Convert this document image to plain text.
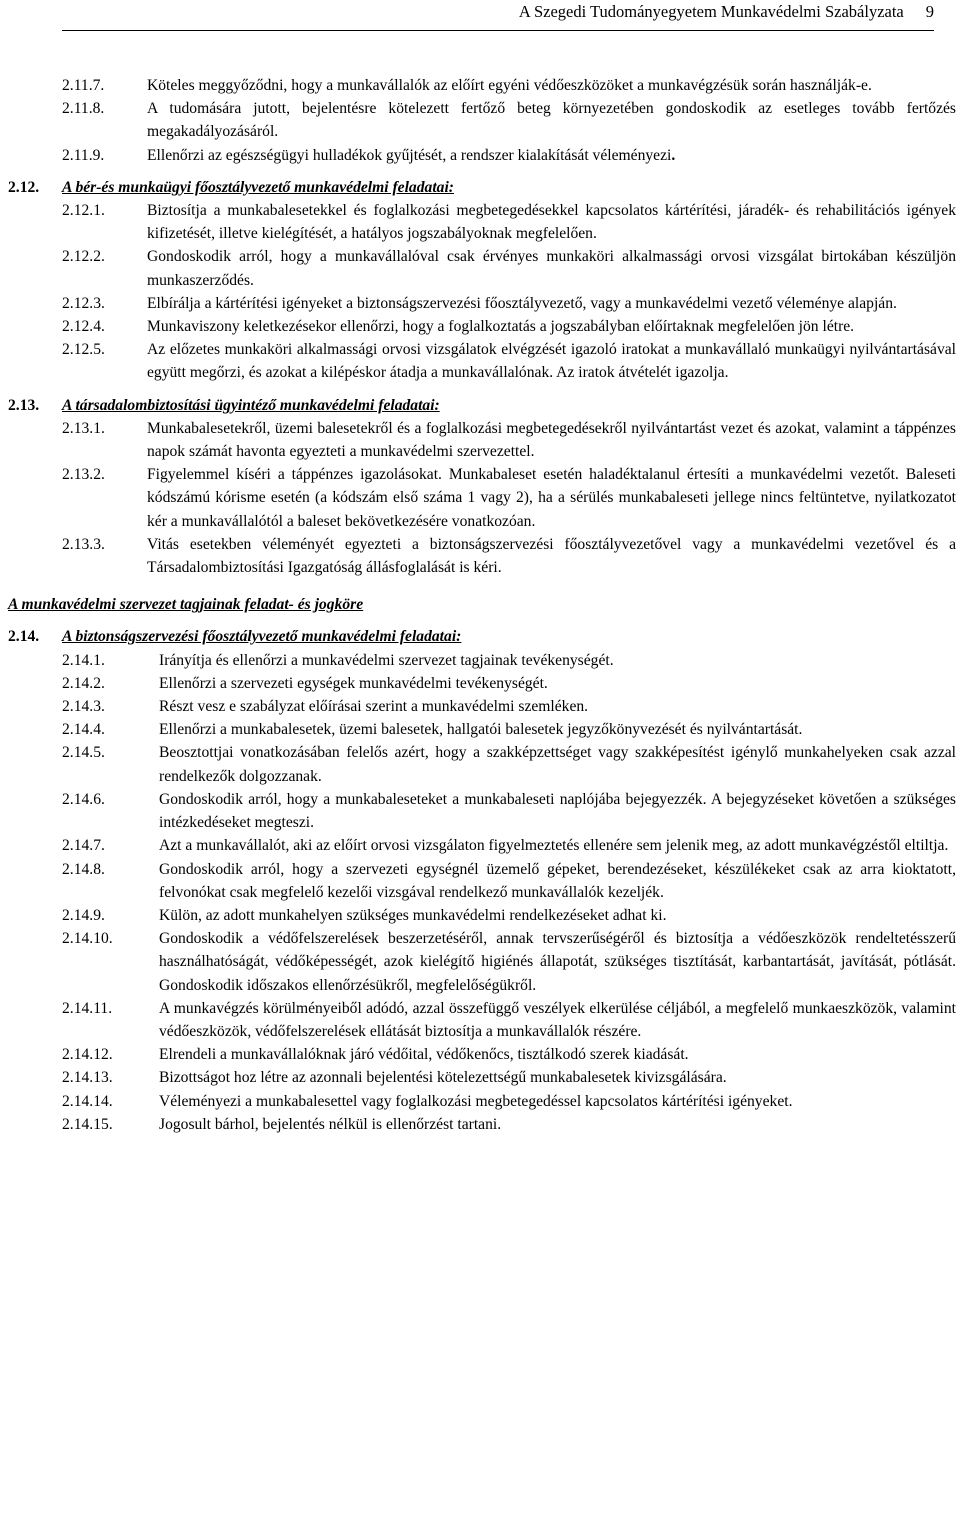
A Szegedi Tudományegyetem Munkavédelmi Szabályzata 9
2.11.7.	Köteles meggyőződni, hogy a munkavállalók az előírt egyéni védőeszközöket a munkavégzésük során használják-e.
2.11.8.	A tudomására jutott, bejelentésre kötelezett fertőző beteg környezetében gondoskodik az esetleges tovább fertőzés megakadályozásáról.
2.11.9.	Ellenőrzi az egészségügyi hulladékok gyűjtését, a rendszer kialakítását véleményezi.
2.12.	A bér-és munkaügyi főosztályvezető munkavédelmi feladatai:
2.12.1.	Biztosítja a munkabalesetekkel és foglalkozási megbetegedésekkel kapcsolatos kártérítési, járadék- és rehabilitációs igények kifizetését, illetve kielégítését, a hatályos jogszabályoknak megfelelően.
2.12.2.	Gondoskodik arról, hogy a munkavállalóval csak érvényes munkaköri alkalmassági orvosi vizsgálat birtokában készüljön munkaszerződés.
2.12.3.	Elbírálja a kártérítési igényeket a biztonságszervezési főosztályvezető, vagy a munkavédelmi vezető véleménye alapján.
2.12.4.	Munkaviszony keletkezésekor ellenőrzi, hogy a foglalkoztatás a jogszabályban előírtaknak megfelelően jön létre.
2.12.5.	Az előzetes munkaköri alkalmassági orvosi vizsgálatok elvégzését igazoló iratokat a munkavállaló munkaügyi nyilvántartásával együtt megőrzi, és azokat a kilépéskor átadja a munkavállalónak. Az iratok átvételét igazolja.
2.13.	A társadalombiztosítási ügyintéző munkavédelmi feladatai:
2.13.1.	Munkabalesetekről, üzemi balesetekről és a foglalkozási megbetegedésekről nyilvántartást vezet és azokat, valamint a táppénzes napok számát havonta egyezteti a munkavédelmi szervezettel.
2.13.2.	Figyelemmel kíséri a táppénzes igazolásokat. Munkabaleset esetén haladéktalanul értesíti a munkavédelmi vezetőt. Baleseti kódszámú kórisme esetén (a kódszám első száma 1 vagy 2), ha a sérülés munkabaleseti jellege nincs feltüntetve, nyilatkozatot kér a munkavállalótól a baleset bekövetkezésére vonatkozóan.
2.13.3.	Vitás esetekben véleményét egyezteti a biztonságszervezési főosztályvezetővel vagy a munkavédelmi vezetővel és a Társadalombiztosítási Igazgatóság állásfoglalását is kéri.
A munkavédelmi szervezet tagjainak feladat- és jogköre
2.14.	A biztonságszervezési főosztályvezető munkavédelmi feladatai:
2.14.1.	Irányítja és ellenőrzi a munkavédelmi szervezet tagjainak tevékenységét.
2.14.2.	Ellenőrzi a szervezeti egységek munkavédelmi tevékenységét.
2.14.3.	Részt vesz e szabályzat előírásai szerint a munkavédelmi szemléken.
2.14.4.	Ellenőrzi a munkabalesetek, üzemi balesetek, hallgatói balesetek jegyzőkönyvezését és nyilvántartását.
2.14.5.	Beosztottjai vonatkozásában felelős azért, hogy a szakképzettséget vagy szakképesítést igénylő munkahelyeken csak azzal rendelkezők dolgozzanak.
2.14.6.	Gondoskodik arról, hogy a munkabaleseteket a munkabaleseti naplójába bejegyezzék. A bejegyzéseket követően a szükséges intézkedéseket megteszi.
2.14.7.	Azt a munkavállalót, aki az előírt orvosi vizsgálaton figyelmeztetés ellenére sem jelenik meg, az adott munkavégzéstől eltiltja.
2.14.8.	Gondoskodik arról, hogy a szervezeti egységnél üzemelő gépeket, berendezéseket, készülékeket csak az arra kioktatott, felvonókat csak megfelelő kezelői vizsgával rendelkező munkavállalók kezeljék.
2.14.9.	Külön, az adott munkahelyen szükséges munkavédelmi rendelkezéseket adhat ki.
2.14.10.	Gondoskodik a védőfelszerelések beszerzetéséről, annak tervszerűségéről és biztosítja a védőeszközök rendeltetésszerű használhatóságát, védőképességét, azok kielégítő higiénés állapotát, szükséges tisztítását, karbantartását, javítását, pótlását. Gondoskodik időszakos ellenőrzésükről, megfelelőségükről.
2.14.11.	A munkavégzés körülményeiből adódó, azzal összefüggő veszélyek elkerülése céljából, a megfelelő munkaeszközök, valamint védőeszközök, védőfelszerelések ellátását biztosítja a munkavállalók részére.
2.14.12.	Elrendeli a munkavállalóknak járó védőital, védőkenőcs, tisztálkodó szerek kiadását.
2.14.13.	Bizottságot hoz létre az azonnali bejelentési kötelezettségű munkabalesetek kivizsgálására.
2.14.14.	Véleményezi a munkabalesettel vagy foglalkozási megbetegedéssel kapcsolatos kártérítési igényeket.
2.14.15.	Jogosult bárhol, bejelentés nélkül is ellenőrzést tartani.
